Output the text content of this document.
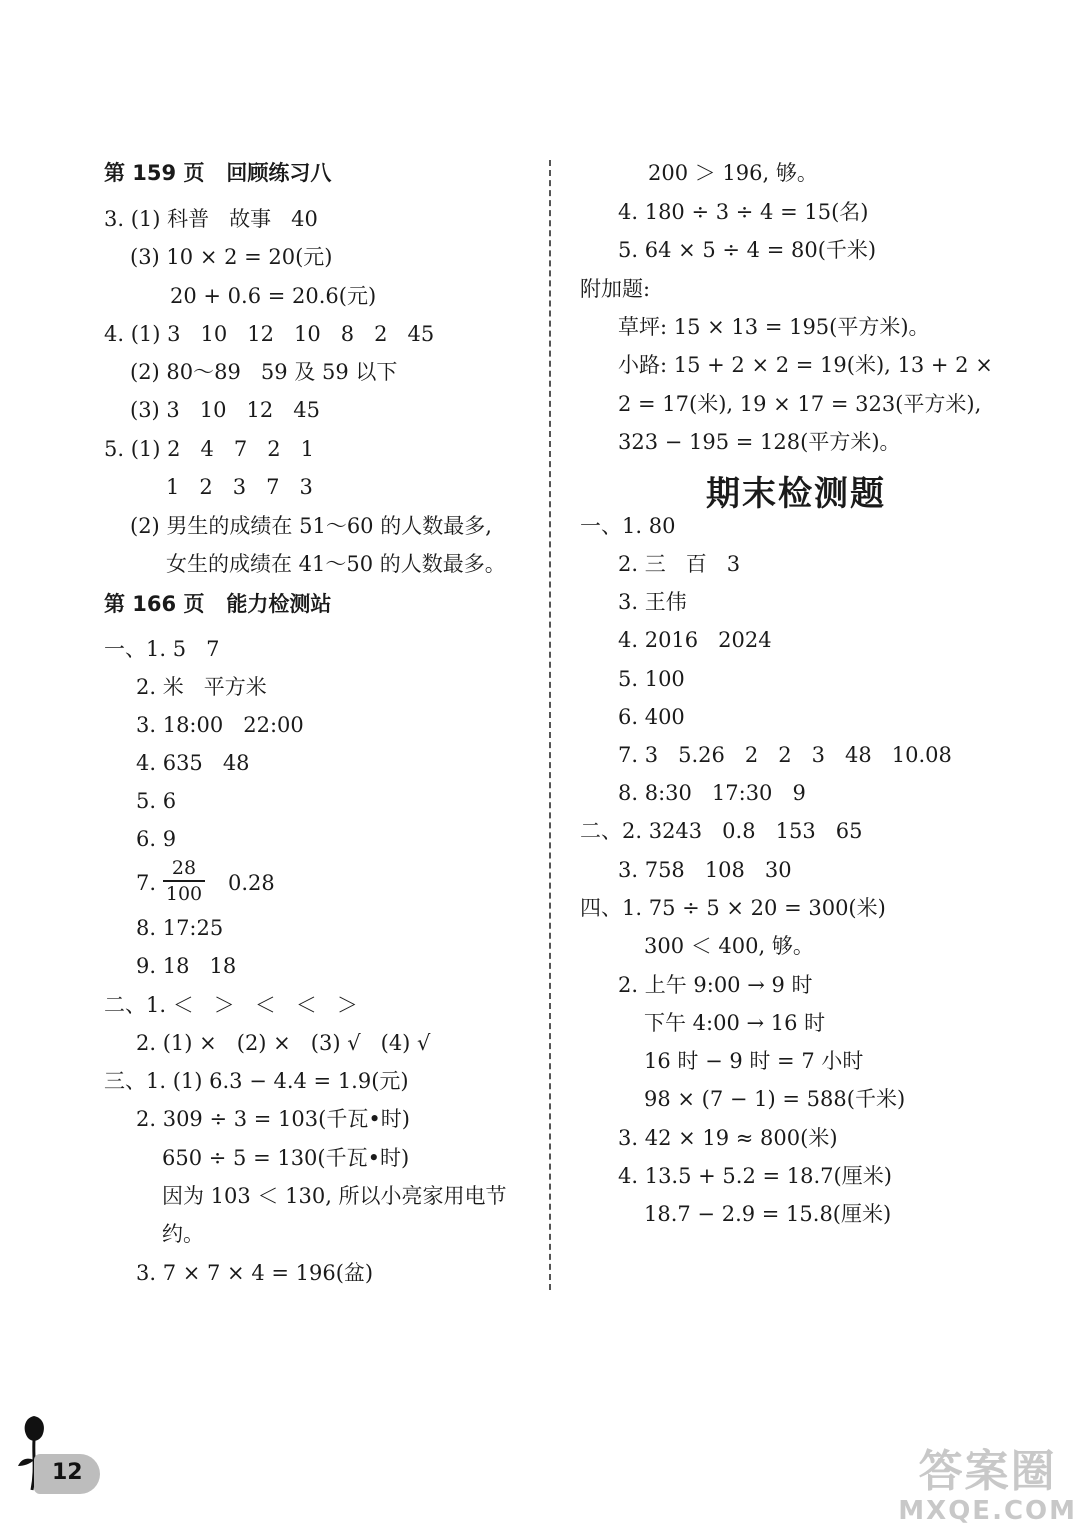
第 159 页   回顾练习八
3. (1) 科普   故事   40
(3) 10 × 2 = 20(元)
20 + 0.6 = 20.6(元)
4. (1) 3   10   12   10   8   2   45
(2) 80～89   59 及 59 以下
(3) 3   10   12   45
5. (1) 2   4   7   2   1
1   2   3   7   3
(2) 男生的成绩在 51～60 的人数最多,
女生的成绩在 41～50 的人数最多。
第 166 页   能力检测站
一、1. 5   7
2. 米   平方米
3. 18:00   22:00
4. 635   48
5. 6
6. 9
7.
28
100 0.28
8. 17:25
9. 18   18
二、1. ＜   ＞   ＜   ＜   ＞
2. (1) ×   (2) ×   (3) √   (4) √
三、1. (1) 6.3 − 4.4 = 1.9(元)
2. 309 ÷ 3 = 103(千瓦•时)
650 ÷ 5 = 130(千瓦•时)
因为 103 ＜ 130, 所以小亮家用电节
约。
3. 7 × 7 × 4 = 196(盆)
200 ＞ 196, 够。
4. 180 ÷ 3 ÷ 4 = 15(名)
5. 64 × 5 ÷ 4 = 80(千米)
附加题:
草坪: 15 × 13 = 195(平方米)。
小路: 15 + 2 × 2 = 19(米), 13 + 2 ×
2 = 17(米), 19 × 17 = 323(平方米),
323 − 195 = 128(平方米)。
期末检测题
一、1. 80
2. 三   百   3
3. 王伟
4. 2016   2024
5. 100
6. 400
7. 3   5.26   2   2   3   48   10.08
8. 8:30   17:30   9
二、2. 3243   0.8   153   65
3. 758   108   30
四、1. 75 ÷ 5 × 20 = 300(米)
300 ＜ 400, 够。
2. 上午 9:00 → 9 时
下午 4:00 → 16 时
16 时 − 9 时 = 7 小时
98 × (7 − 1) = 588(千米)
3. 42 × 19 ≈ 800(米)
4. 13.5 + 5.2 = 18.7(厘米)
18.7 − 2.9 = 15.8(厘米)
12	答案圈
MXQE.COM
